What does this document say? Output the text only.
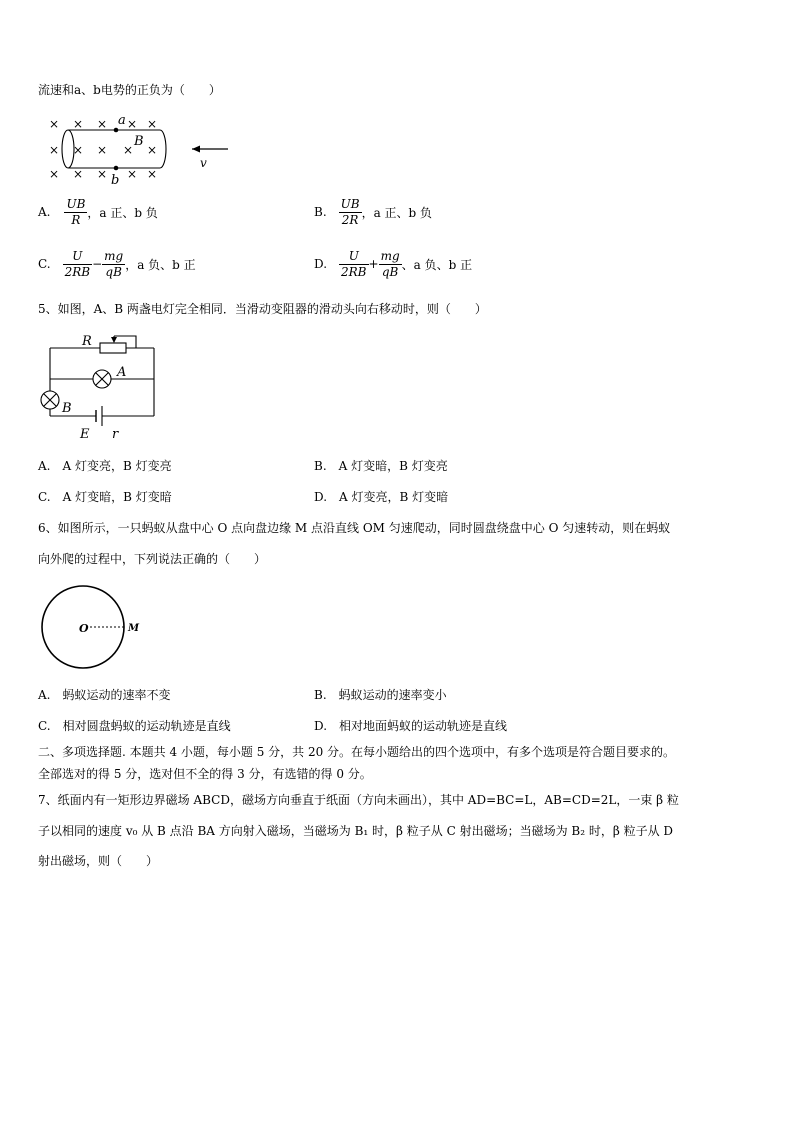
流速和a、b电势的正负为（　　）
× × × × ×
× × × × ×
× × × × ×
a
b
B
v
A. $\frac{UB}{R}$ ，a 正、b 负	B. $\frac{UB}{2R}$ ，a 正、b 负
C. $\frac{U}{2RB} - \frac{mg}{qB}$ ，a 负、b 正	D. $\frac{U}{2RB} + \frac{mg}{qB}$ 、a 负、b 正
5、如图，A、B 两盏电灯完全相同．当滑动变阻器的滑动头向右移动时，则（　　）
R
A
B
E r
A.　 A 灯变亮，B 灯变亮	B.　 A 灯变暗，B 灯变亮
C.　 A 灯变暗，B 灯变暗	D.　 A 灯变亮，B 灯变暗
6、如图所示，一只蚂蚁从盘中心 O 点向盘边缘 M 点沿直线 OM 匀速爬动，同时圆盘绕盘中心 O 匀速转动，则在蚂蚁
向外爬的过程中，下列说法正确的（　　）
O	M
A.　 蚂蚁运动的速率不变	B.　 蚂蚁运动的速率变小
C.　 相对圆盘蚂蚁的运动轨迹是直线	D.　 相对地面蚂蚁的运动轨迹是直线
二、多项选择题. 本题共 4 小题，每小题 5 分，共 20 分。在每小题给出的四个选项中，有多个选项是符合题目要求的。
全部选对的得 5 分，选对但不全的得 3 分，有选错的得 0 分。
7、纸面内有一矩形边界磁场 ABCD，磁场方向垂直于纸面（方向未画出），其中 AD=BC=L，AB=CD=2L，一束 β 粒
子以相同的速度 v₀ 从 B 点沿 BA 方向射入磁场，当磁场为 B₁ 时，β 粒子从 C 射出磁场；当磁场为 B₂ 时，β 粒子从 D
射出磁场，则（　　）
